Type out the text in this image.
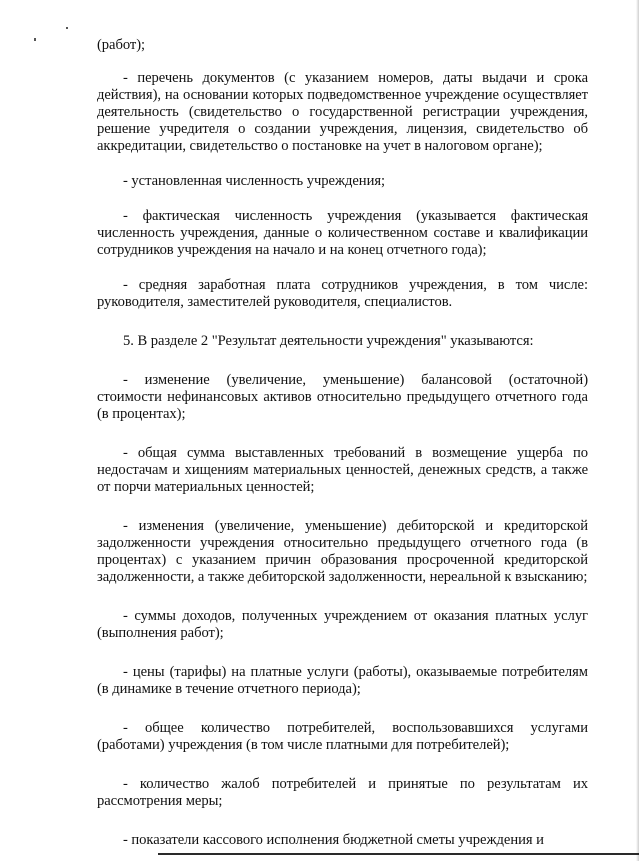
(работ);

- перечень документов (с указанием номеров, даты выдачи и срока действия), на основании которых подведомственное учреждение осуществляет деятельность (свидетельство о государственной регистрации учреждения, решение учредителя о создании учреждения, лицензия, свидетельство об аккредитации, свидетельство о постановке на учет в налоговом органе);

- установленная численность учреждения;

- фактическая численность учреждения (указывается фактическая численность учреждения, данные о количественном составе и квалификации сотрудников учреждения на начало и на конец отчетного года);

- средняя заработная плата сотрудников учреждения, в том числе: руководителя, заместителей руководителя, специалистов.

5. В разделе 2 "Результат деятельности учреждения" указываются:

- изменение (увеличение, уменьшение) балансовой (остаточной) стоимости нефинансовых активов относительно предыдущего отчетного года (в процентах);

- общая сумма выставленных требований в возмещение ущерба по недостачам и хищениям материальных ценностей, денежных средств, а также от порчи материальных ценностей;

- изменения (увеличение, уменьшение) дебиторской и кредиторской задолженности учреждения относительно предыдущего отчетного года (в процентах) с указанием причин образования просроченной кредиторской задолженности, а также дебиторской задолженности, нереальной к взысканию;

- суммы доходов, полученных учреждением от оказания платных услуг (выполнения работ);

- цены (тарифы) на платные услуги (работы), оказываемые потребителям (в динамике в течение отчетного периода);

- общее количество потребителей, воспользовавшихся услугами (работами) учреждения (в том числе платными для потребителей);

- количество жалоб потребителей и принятые по результатам их рассмотрения меры;

- показатели кассового исполнения бюджетной сметы учреждения и
